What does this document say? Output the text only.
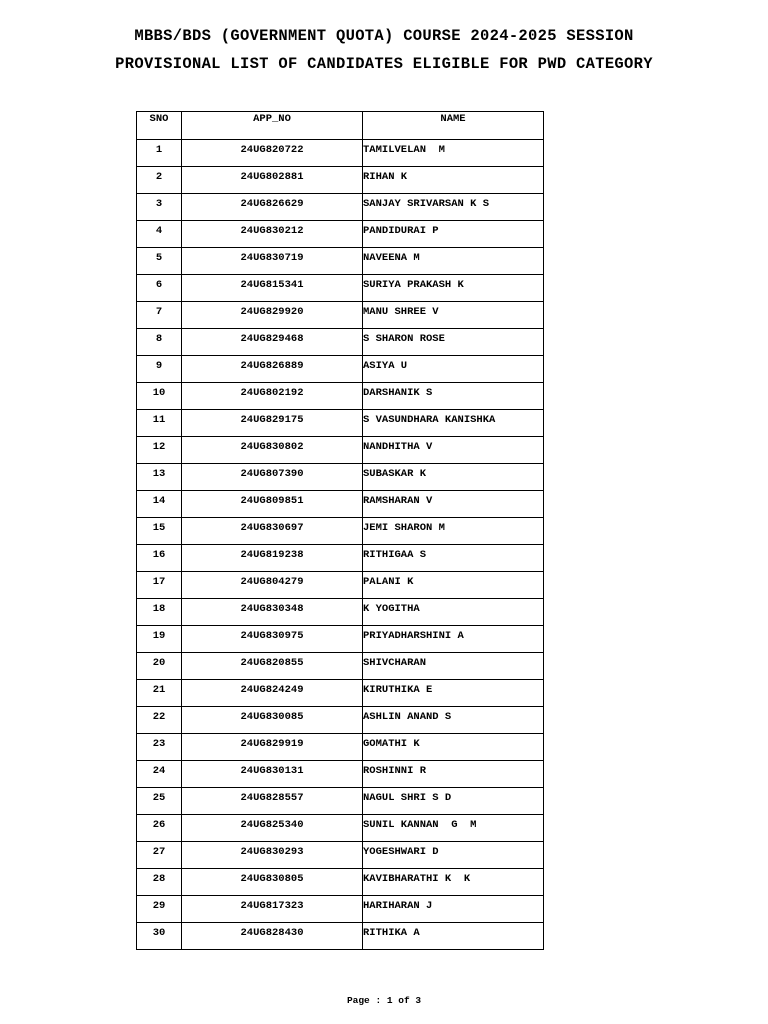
MBBS/BDS (GOVERNMENT QUOTA) COURSE 2024-2025 SESSION
PROVISIONAL LIST OF CANDIDATES ELIGIBLE FOR PWD CATEGORY
SNO	APP_NO	NAME
1	24UG820722	TAMILVELAN  M
2	24UG802881	RIHAN K
3	24UG826629	SANJAY SRIVARSAN K S
4	24UG830212	PANDIDURAI P
5	24UG830719	NAVEENA M
6	24UG815341	SURIYA PRAKASH K
7	24UG829920	MANU SHREE V
8	24UG829468	S SHARON ROSE
9	24UG826889	ASIYA U
10	24UG802192	DARSHANIK S
11	24UG829175	S VASUNDHARA KANISHKA
12	24UG830802	NANDHITHA V
13	24UG807390	SUBASKAR K
14	24UG809851	RAMSHARAN V
15	24UG830697	JEMI SHARON M
16	24UG819238	RITHIGAA S
17	24UG804279	PALANI K
18	24UG830348	K YOGITHA
19	24UG830975	PRIYADHARSHINI A
20	24UG820855	SHIVCHARAN
21	24UG824249	KIRUTHIKA E
22	24UG830085	ASHLIN ANAND S
23	24UG829919	GOMATHI K
24	24UG830131	ROSHINNI R
25	24UG828557	NAGUL SHRI S D
26	24UG825340	SUNIL KANNAN  G  M
27	24UG830293	YOGESHWARI D
28	24UG830805	KAVIBHARATHI K  K
29	24UG817323	HARIHARAN J
30	24UG828430	RITHIKA A
Page : 1 of 3
